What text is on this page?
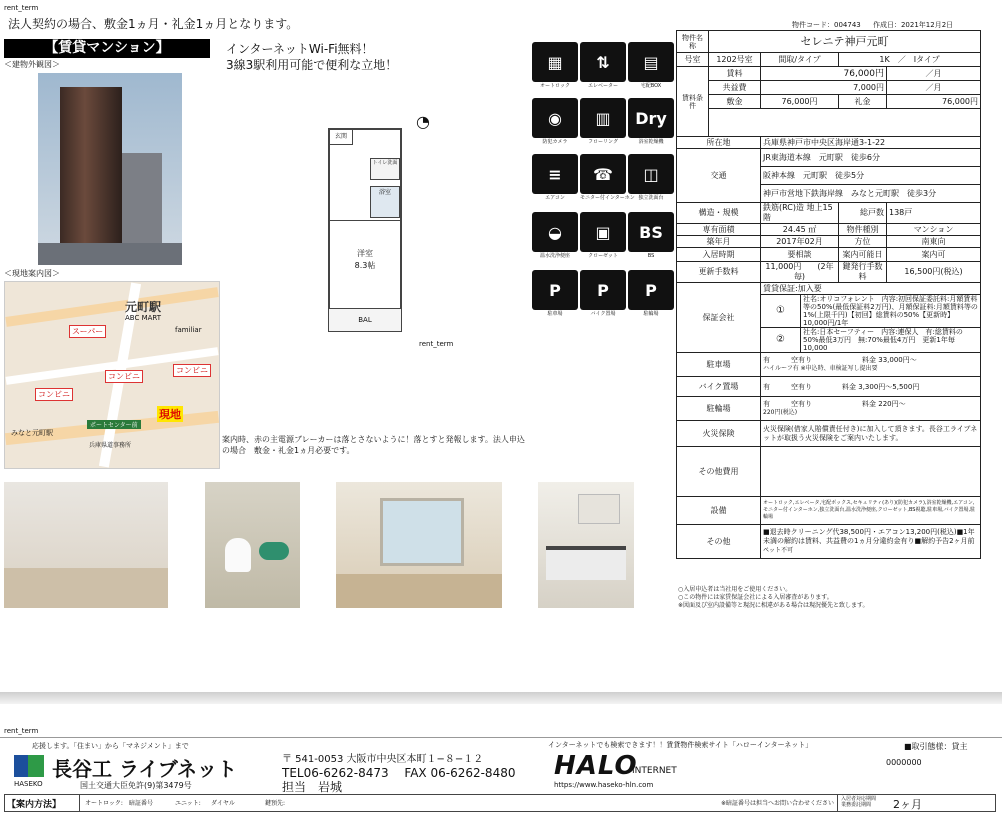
rent_term
法人契約の場合、敷金1ヵ月・礼金1ヵ月となります。
【賃貸マンション】	インターネットWi-Fi無料！
3線3駅利用可能で便利な立地！
＜建物外観図＞
＜現地案内図＞
元町駅
ABC MART
familiar
スーパー
コンビニ
コンビニ
コンビニ
現地
ポートセンター前
みなと元町駅
兵庫県道事務所
玄関
トイレ洗面
浴室
洋室
8.3帖
BAL
◔
rent_term
案内時、赤の主電源ブレーカーは落とさないように！落とすと発報します。法人申込の場合　敷金・礼金1ヵ月必要です。
▦
オートロック
⇅
エレベーター
▤
宅配BOX
◉
防犯カメラ
▥
フローリング
Dry
浴室乾燥機
≡
エアコン
☎
モニター付インターホン
◫
独立洗面台
◒
温水洗浄便座
▣
クローゼット
BS
BS
P
駐車場
P
バイク置場
P
駐輪場
物件コード：004743 作成日：2021年12月2日
物件名称	セレニテ神戸元町				
号室	1202号室	間取/タイプ		1K　／　Iタイプ	
賃料条件	賃料	76,000円			／月
	共益費	7,000円			／月
	敷金	76,000円		礼金	76,000円

所在地		兵庫県神戸市中央区海岸通3-1-22			
交通		JR東海道本線　元町駅　徒歩6分			
		阪神本線　元町駅　徒歩5分			
		神戸市営地下鉄海岸線　みなと元町駅　徒歩3分			
構造・規模		鉄筋(RC)造 地上15階		総戸数	138戸
専有面積		24.45 ㎡		物件種別	マンション
築年月		2017年02月		方位	南東向
入居時期		要相談		案内可能日	案内可
更新手数料		11,000円　　(2年毎)		鍵発行手数料	16,500円(税込)
保証会社		賃貸保証:加入要			
		①	社名:オリコフォレント　内容:初回保証委託料:月額賃料等の50%(最低保証料2万円)、月額保証料:月額賃料等の1%(上限千円)【初回】総賃料の50%【更新時】10,000円/1年		
		②	社名:日本セーフティー　内容:連保人　有:総賃料の50%最低3万円　無:70%最低4万円　更新1年毎10,000		
駐車場		有　　　空有り 料金 33,000円～
ハイルーフ有 ※申込時、車検証写し提出要			
バイク置場		有　　　空有り 料金 3,300円～5,500円			
駐輪場		有　　　空有り 料金 220円～
220円(税込)			
火災保険		火災保険(借家人賠償責任付き)に加入して頂きます。長谷工ライブネットが取扱う火災保険をご案内いたします。			
その他費用					
設備		オートロック,エレベータ,宅配ボックス,セキュリティ(あり)(防犯カメラ),浴室乾燥機,エアコン,モニター付インターホン,独立洗面台,温水洗浄便座,クローゼット,BS視聴,駐車場,バイク置場,駐輪場			
その他		■退去時クリーニング代38,500円・エアコン13,200円(税込)■1年未満の解約は賃料、共益費の1ヵ月分違約金有り■解約予告2ヶ月前
ペット不可			
○入居申込者は当社用をご使用ください。
○この物件には家賃保証会社による入居審査があります。
※図面及び室内設備等と現況に相違がある場合は現況優先と致します。
rent_term
応援します。「住まい」から「マネジメント」まで
長谷工 ライブネット
HASEKO	国土交通大臣免許(9)第3479号
〒 541-0053 大阪市中央区本町１−８−１２
TEL06-6262-8473　 FAX 06-6262-8480
担当　岩城
インターネットでも検索できます！！賃貸物件検索サイト「ハローインターネット」
HALO
INTERNET
https://www.haseko-hln.com
■取引態様：貸主
0000000
【案内方法】	オートロック: 暗証番号	ユニット: ダイヤル	鍵預先:	※暗証番号は担当へお問い合わせください
入居者対応期間 業務委託期間	2ヶ月
